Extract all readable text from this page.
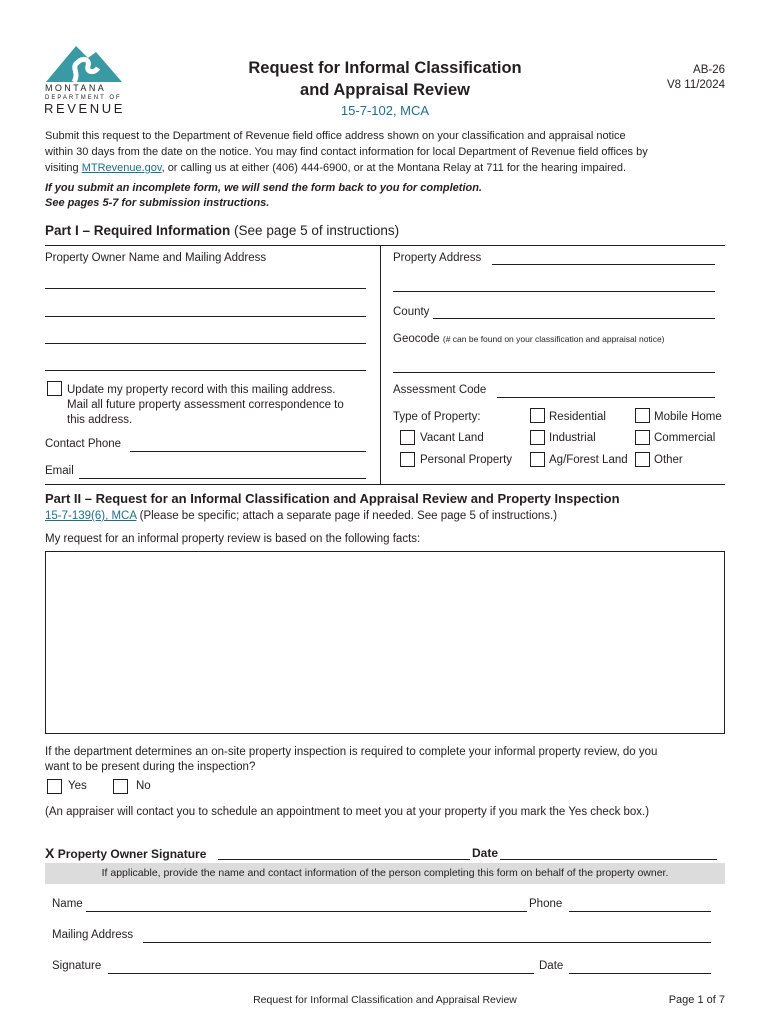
MONTANA
DEPARTMENT OF
REVENUE
Request for Informal Classification
and Appraisal Review
15-7-102, MCA
AB-26
V8 11/2024
Submit this request to the Department of Revenue field office address shown on your classification and appraisal notice
within 30 days from the date on the notice. You may find contact information for local Department of Revenue field offices by
visiting MTRevenue.gov, or calling us at either (406) 444-6900, or at the Montana Relay at 711 for the hearing impaired.
If you submit an incomplete form, we will send the form back to you for completion.
See pages 5-7 for submission instructions.
Part I – Required Information (See page 5 of instructions)
Property Owner Name and Mailing Address
Update my property record with this mailing address.
Mail all future property assessment correspondence to
this address.
Contact Phone
Email
Property Address
County
Geocode (# can be found on your classification and appraisal notice)
Assessment Code
Type of Property:	Residential	Mobile Home
Vacant Land	Industrial	Commercial
Personal Property	Ag/Forest Land Other
Part II – Request for an Informal Classification and Appraisal Review and Property Inspection
15-7-139(6), MCA (Please be specific; attach a separate page if needed. See page 5 of instructions.)
My request for an informal property review is based on the following facts:
If the department determines an on-site property inspection is required to complete your informal property review, do you
want to be present during the inspection?
Yes	No
(An appraiser will contact you to schedule an appointment to meet you at your property if you mark the Yes check box.)
X Property Owner Signature	Date
If applicable, provide the name and contact information of the person completing this form on behalf of the property owner.
Name	Phone
Mailing Address
Signature	Date
Request for Informal Classification and Appraisal Review	Page 1 of 7
